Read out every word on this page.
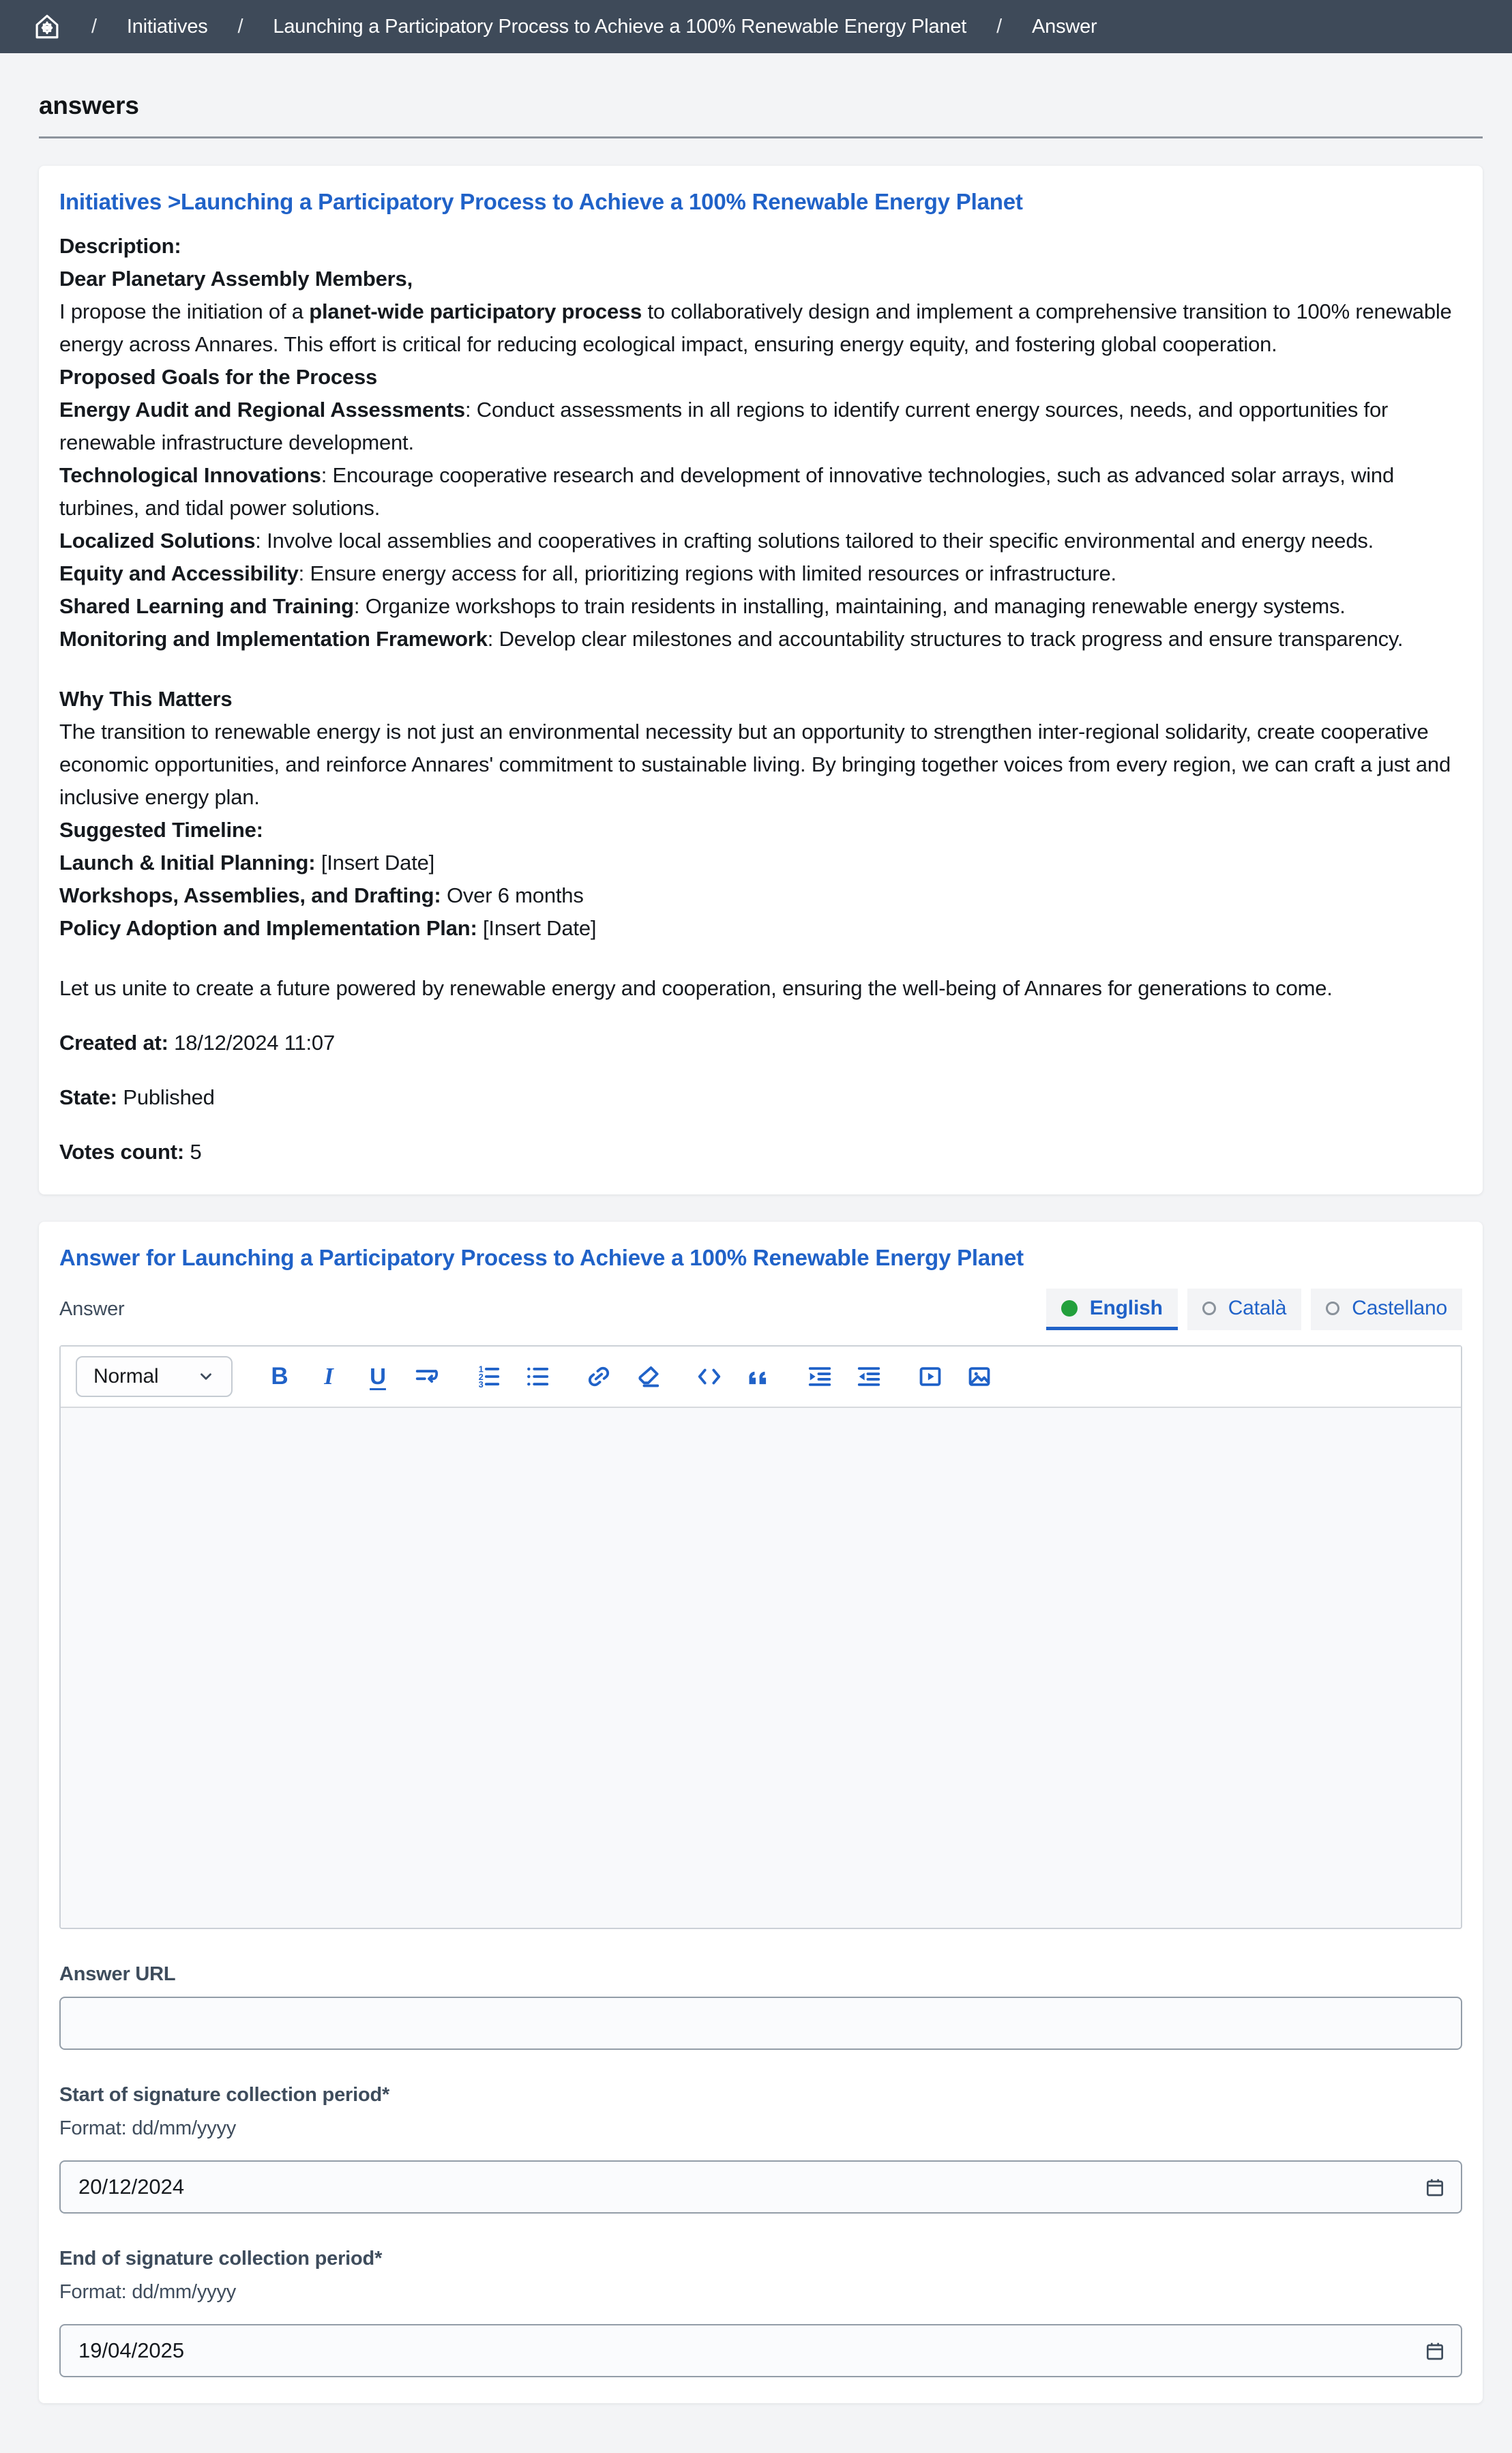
/ Initiatives / Launching a Participatory Process to Achieve a 100% Renewable Energy Planet / Answer
answers
Initiatives >Launching a Participatory Process to Achieve a 100% Renewable Energy Planet

Description:

Dear Planetary Assembly Members,

I propose the initiation of a planet-wide participatory process to collaboratively design and implement a comprehensive transition to 100% renewable energy across Annares. This effort is critical for reducing ecological impact, ensuring energy equity, and fostering global cooperation.

Proposed Goals for the Process

Energy Audit and Regional Assessments: Conduct assessments in all regions to identify current energy sources, needs, and opportunities for renewable infrastructure development.

Technological Innovations: Encourage cooperative research and development of innovative technologies, such as advanced solar arrays, wind turbines, and tidal power solutions.

Localized Solutions: Involve local assemblies and cooperatives in crafting solutions tailored to their specific environmental and energy needs.

Equity and Accessibility: Ensure energy access for all, prioritizing regions with limited resources or infrastructure.

Shared Learning and Training: Organize workshops to train residents in installing, maintaining, and managing renewable energy systems.

Monitoring and Implementation Framework: Develop clear milestones and accountability structures to track progress and ensure transparency.

Why This Matters

The transition to renewable energy is not just an environmental necessity but an opportunity to strengthen inter-regional solidarity, create cooperative economic opportunities, and reinforce Annares' commitment to sustainable living. By bringing together voices from every region, we can craft a just and inclusive energy plan.

Suggested Timeline:

Launch & Initial Planning: [Insert Date]

Workshops, Assemblies, and Drafting: Over 6 months

Policy Adoption and Implementation Plan: [Insert Date]

Let us unite to create a future powered by renewable energy and cooperation, ensuring the well-being of Annares for generations to come.

Created at: 18/12/2024 11:07

State: Published

Votes count: 5

Answer for Launching a Participatory Process to Achieve a 100% Renewable Energy Planet
Answer	English	Català	Castellano
Normal	B	I	U	1
2
3
Answer URL
Start of signature collection period*
Format: dd/mm/yyyy
20/12/2024
End of signature collection period*
Format: dd/mm/yyyy
19/04/2025
